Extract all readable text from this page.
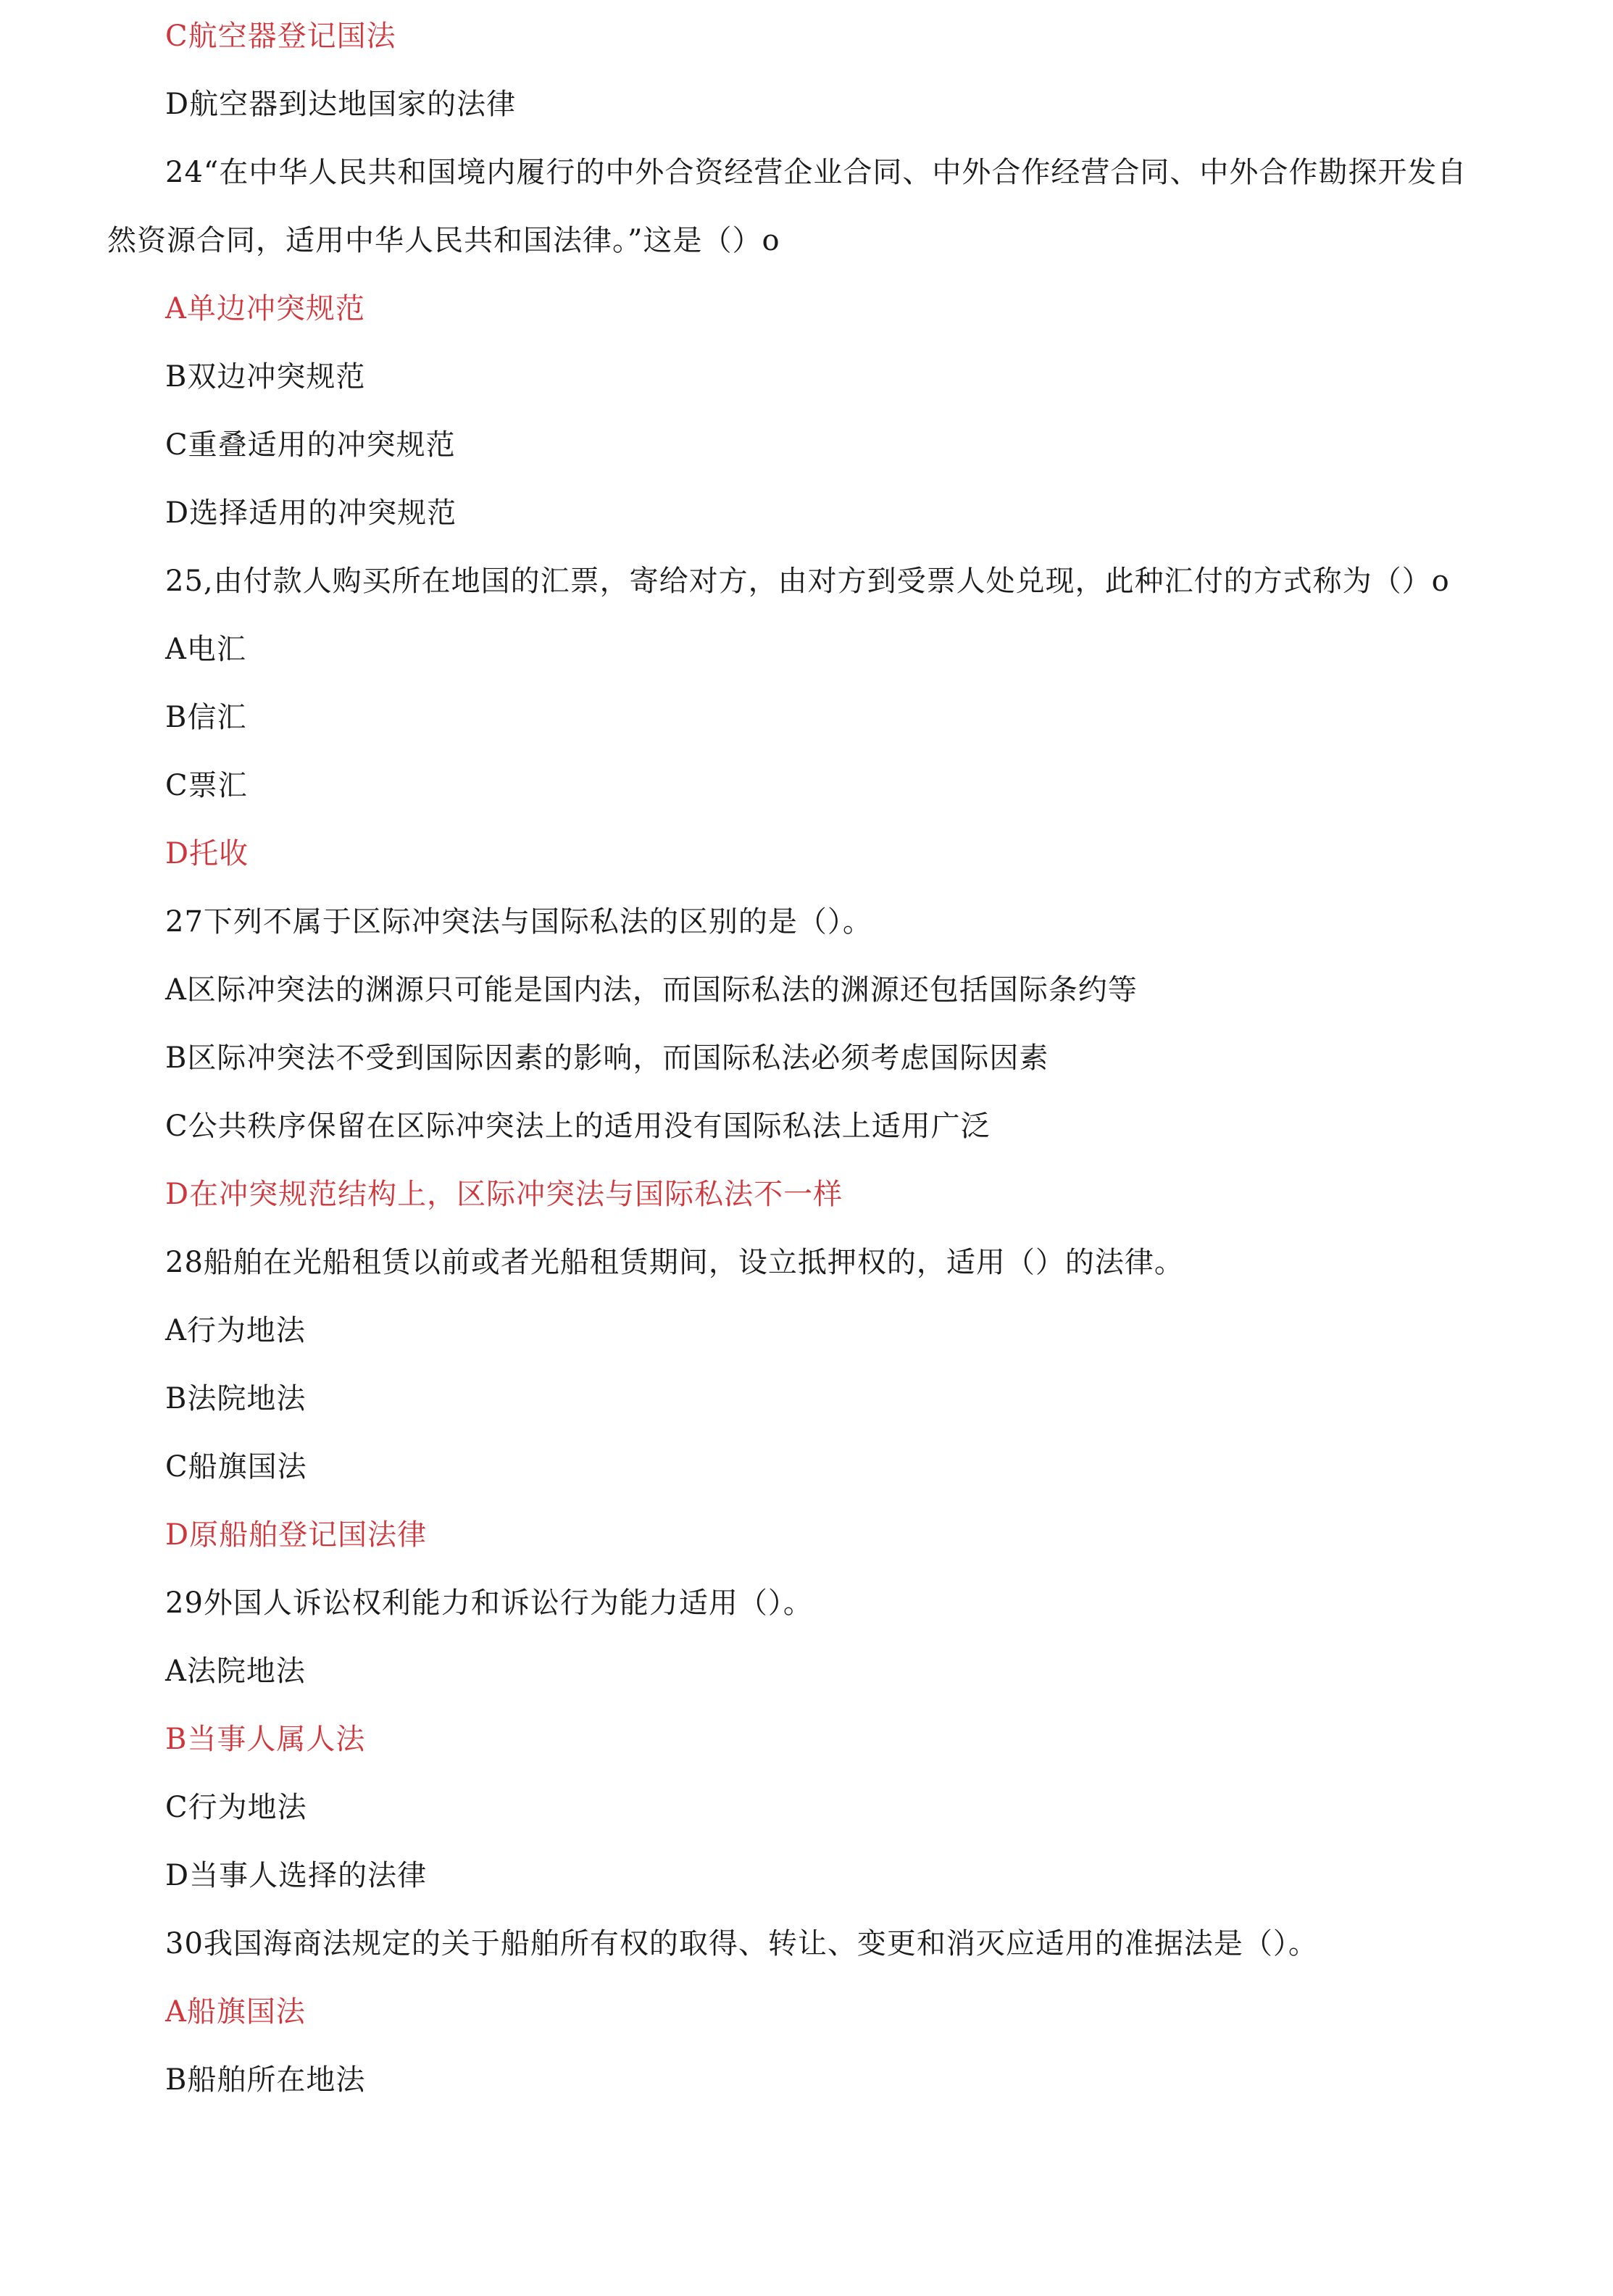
C航空器登记国法
D航空器到达地国家的法律
24“在中华人民共和国境内履行的中外合资经营企业合同、中外合作经营合同、中外合作勘探开发自
然资源合同，适用中华人民共和国法律。”这是（）o
A单边冲突规范
B双边冲突规范
C重叠适用的冲突规范
D选择适用的冲突规范
25,由付款人购买所在地国的汇票，寄给对方，由对方到受票人处兑现，此种汇付的方式称为（）o
A电汇
B信汇
C票汇
D托收
27下列不属于区际冲突法与国际私法的区别的是（）。
A区际冲突法的渊源只可能是国内法，而国际私法的渊源还包括国际条约等
B区际冲突法不受到国际因素的影响，而国际私法必须考虑国际因素
C公共秩序保留在区际冲突法上的适用没有国际私法上适用广泛
D在冲突规范结构上，区际冲突法与国际私法不一样
28船舶在光船租赁以前或者光船租赁期间，设立抵押权的，适用（）的法律。
A行为地法
B法院地法
C船旗国法
D原船舶登记国法律
29外国人诉讼权利能力和诉讼行为能力适用（）。
A法院地法
B当事人属人法
C行为地法
D当事人选择的法律
30我国海商法规定的关于船舶所有权的取得、转让、变更和消灭应适用的准据法是（）。
A船旗国法
B船舶所在地法
